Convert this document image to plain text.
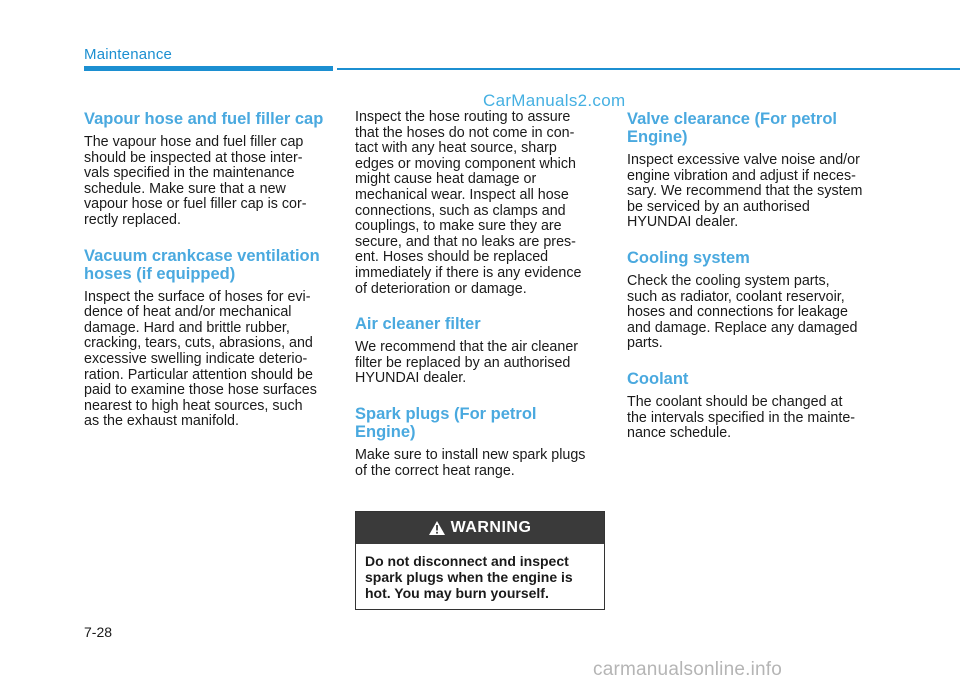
Maintenance
CarManuals2.com
Vapour hose and fuel filler cap

The vapour hose and fuel filler cap
should be inspected at those inter-
vals specified in the maintenance
schedule. Make sure that a new
vapour hose or fuel filler cap is cor-
rectly replaced.

Vacuum crankcase ventilation
hoses (if equipped)

Inspect the surface of hoses for evi-
dence of heat and/or mechanical
damage. Hard and brittle rubber,
cracking, tears, cuts, abrasions, and
excessive swelling indicate deterio-
ration. Particular attention should be
paid to examine those hose surfaces
nearest to high heat sources, such
as the exhaust manifold.

Inspect the hose routing to assure
that the hoses do not come in con-
tact with any heat source, sharp
edges or moving component which
might cause heat damage or
mechanical wear. Inspect all hose
connections, such as clamps and
couplings, to make sure they are
secure, and that no leaks are pres-
ent. Hoses should be replaced
immediately if there is any evidence
of deterioration or damage.

Air cleaner filter

We recommend that the air cleaner
filter be replaced by an authorised
HYUNDAI dealer.

Spark plugs (For petrol
Engine)

Make sure to install new spark plugs
of the correct heat range.

WARNING
Do not disconnect and inspect
spark plugs when the engine is
hot. You may burn yourself.
Valve clearance (For petrol
Engine)

Inspect excessive valve noise and/or
engine vibration and adjust if neces-
sary. We recommend that the system
be serviced by an authorised
HYUNDAI dealer.

Cooling system

Check the cooling system parts,
such as radiator, coolant reservoir,
hoses and connections for leakage
and damage. Replace any damaged
parts.

Coolant

The coolant should be changed at
the intervals specified in the mainte-
nance schedule.

7-28
carmanualsonline.info
